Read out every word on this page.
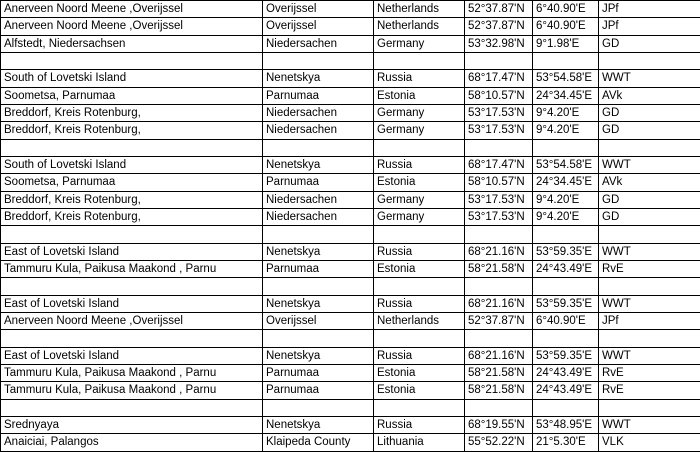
Anerveen Noord Meene ,Overijssel	Overijssel	Netherlands	52°37.87'N	6°40.90'E	JPf
Anerveen Noord Meene ,Overijssel	Overijssel	Netherlands	52°37.87'N	6°40.90'E	JPf
Alfstedt, Niedersachsen	Niedersachen	Germany	53°32.98'N	9°1.98'E	GD

South of Lovetski Island	Nenetskya	Russia	68°17.47'N	53°54.58'E	WWT
Soometsa, Parnumaa	Parnumaa	Estonia	58°10.57'N	24°34.45'E	AVk
Breddorf, Kreis Rotenburg,	Niedersachen	Germany	53°17.53'N	9°4.20'E	GD
Breddorf, Kreis Rotenburg,	Niedersachen	Germany	53°17.53'N	9°4.20'E	GD

South of Lovetski Island	Nenetskya	Russia	68°17.47'N	53°54.58'E	WWT
Soometsa, Parnumaa	Parnumaa	Estonia	58°10.57'N	24°34.45'E	AVk
Breddorf, Kreis Rotenburg,	Niedersachen	Germany	53°17.53'N	9°4.20'E	GD
Breddorf, Kreis Rotenburg,	Niedersachen	Germany	53°17.53'N	9°4.20'E	GD

East of Lovetski Island	Nenetskya	Russia	68°21.16'N	53°59.35'E	WWT
Tammuru Kula, Paikusa Maakond , Parnu	Parnumaa	Estonia	58°21.58'N	24°43.49'E	RvE

East of Lovetski Island	Nenetskya	Russia	68°21.16'N	53°59.35'E	WWT
Anerveen Noord Meene ,Overijssel	Overijssel	Netherlands	52°37.87'N	6°40.90'E	JPf

East of Lovetski Island	Nenetskya	Russia	68°21.16'N	53°59.35'E	WWT
Tammuru Kula, Paikusa Maakond , Parnu	Parnumaa	Estonia	58°21.58'N	24°43.49'E	RvE
Tammuru Kula, Paikusa Maakond , Parnu	Parnumaa	Estonia	58°21.58'N	24°43.49'E	RvE

Srednyaya	Nenetskya	Russia	68°19.55'N	53°48.95'E	WWT
Anaiciai, Palangos	Klaipeda County	Lithuania	55°52.22'N	21°5.30'E	VLK
